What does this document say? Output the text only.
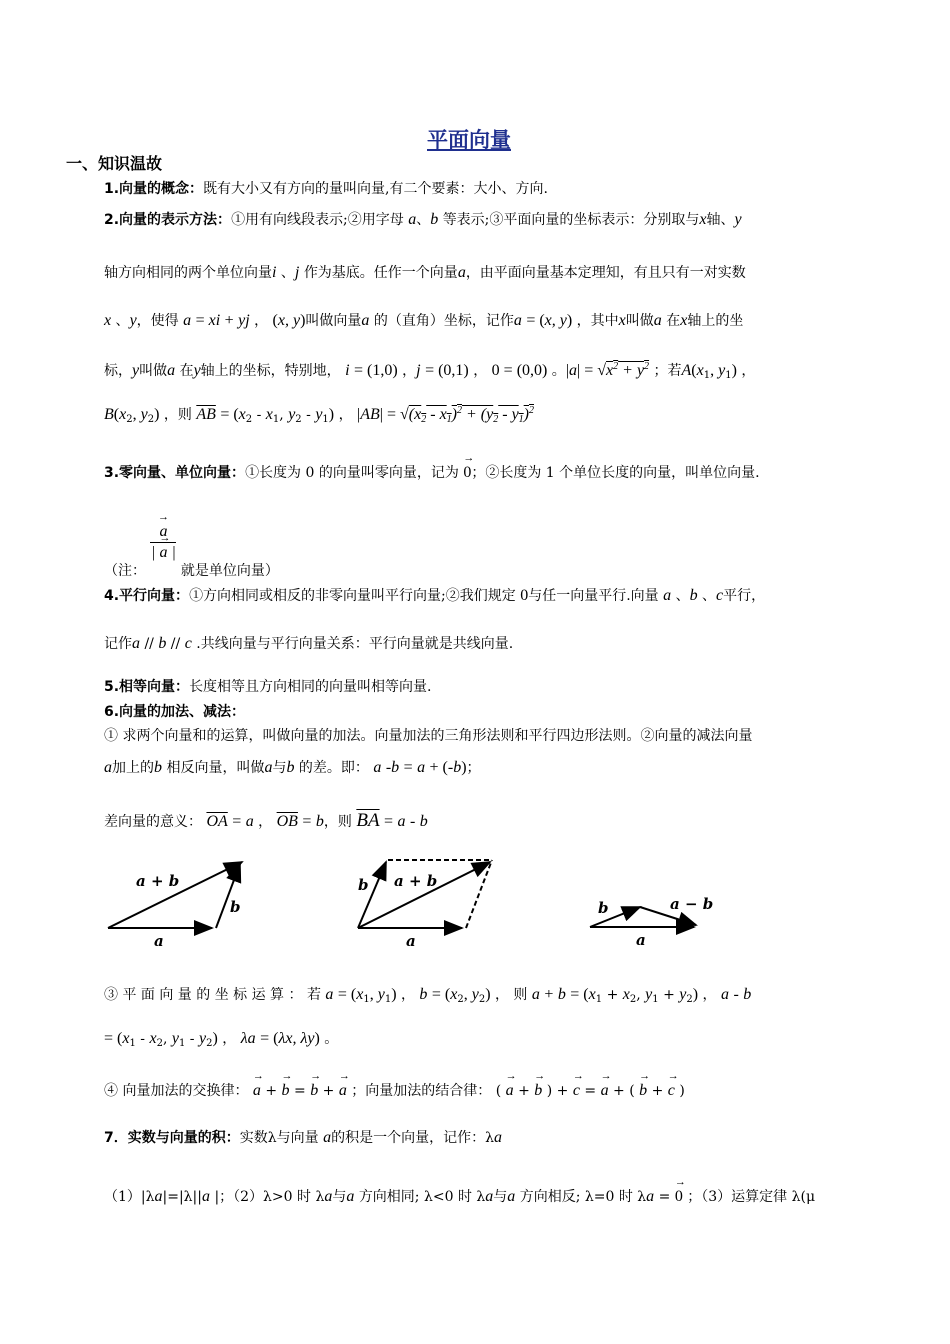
平面向量
一、知识温故
1.向量的概念：既有大小又有方向的量叫向量,有二个要素：大小、方向.
2.向量的表示方法：①用有向线段表示;②用字母 a、b 等表示;③平面向量的坐标表示：分别取与x轴、y
轴方向相同的两个单位向量i 、j 作为基底。任作一个向量a，由平面向量基本定理知，有且只有一对实数
x 、y，使得 a = xi + yj ， (x, y)叫做向量a 的（直角）坐标，记作a = (x, y) ，其中x叫做a 在x轴上的坐
标，y叫做a 在y轴上的坐标，特别地， i = (1,0) ，j = (0,1) ， 0 = (0,0) 。$|a| = √x^2 + y^2$ ；若$A(x_1$, $y_1$) ，
$B(x_2$, $y_2$) ，则 $\overline{AB} = (x_2 - x_1$, $y_2 - y_1$) ， $|AB| = √(x_2 - x_1)^2 + (y_2 - y_1)^2$
3.零向量、单位向量：①长度为 0 的向量叫零向量，记为 → 0；②长度为 1 个单位长度的向量，叫单位向量.
（注：
→ $\frac{a}{| \to a |}$
就是单位向量）
4.平行向量：①方向相同或相反的非零向量叫平行向量;②我们规定 0与任一向量平行.向量 a 、b 、c平行，
记作a // b // c .共线向量与平行向量关系：平行向量就是共线向量.
5.相等向量：长度相等且方向相同的向量叫相等向量.
6.向量的加法、减法：
① 求两个向量和的运算，叫做向量的加法。向量加法的三角形法则和平行四边形法则。②向量的减法向量
a加上的b 相反向量，叫做a与b 的差。即： a -b = a + (-b)；
差向量的意义： $\overline{OA} = a$ ， $\overline{OB} = b$，则 $\overline{BA} = a - b$
a + b
a
b
a + b
a
b
b	a − b
a
③ 平 面 向 量 的 坐 标 运 算 ： 若 $a = (x_1$, $y_1$) ， $b = (x_2$, $y_2$) ， 则 $a + b = (x_1 + x_2$, $y_1 + y_2$) ， a - b
= ($x_1 - x_2$, $y_1 - y_2$) ， λa = (λx, λy) 。
④ 向量加法的交换律： → a + → b = → b + → a ；向量加法的结合律： ( → a + → b ) + → c = → a + ( → b + → c )
7．实数与向量的积：实数λ与向量 a的积是一个向量，记作：λa
（1）|λa|=|λ||a |；（2）λ>0 时 λa与a 方向相同; λ<0 时 λa与a 方向相反; λ=0 时 λa = → 0 ；（3）运算定律 λ(μ
